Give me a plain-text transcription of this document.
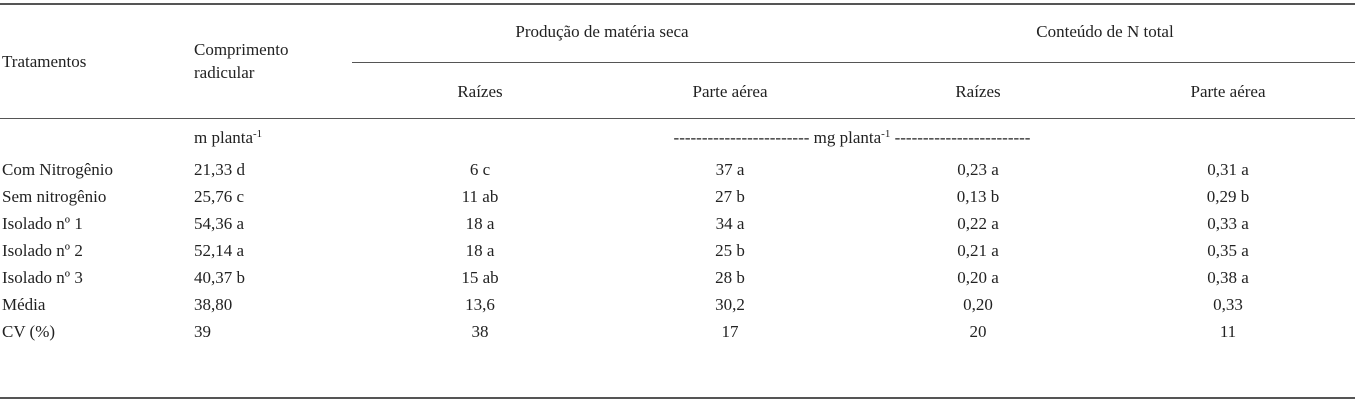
Tratamentos
Comprimento
radicular
Produção de matéria seca	Conteúdo de N total
Raízes	Parte aérea	Raízes	Parte aérea
m planta$^{-1}$	------------------------ mg planta$^{-1}$ ------------------------
Com Nitrogênio	21,33 d	6 c	37 a	0,23 a	0,31 a
Sem nitrogênio	25,76 c	11 ab	27 b	0,13 b	0,29 b
Isolado nº 1	54,36 a	18 a	34 a	0,22 a	0,33 a
Isolado nº 2	52,14 a	18 a	25 b	0,21 a	0,35 a
Isolado nº 3	40,37 b	15 ab	28 b	0,20 a	0,38 a
Média	38,80	13,6	30,2	0,20	0,33
CV (%)	39	38	17	20	11
